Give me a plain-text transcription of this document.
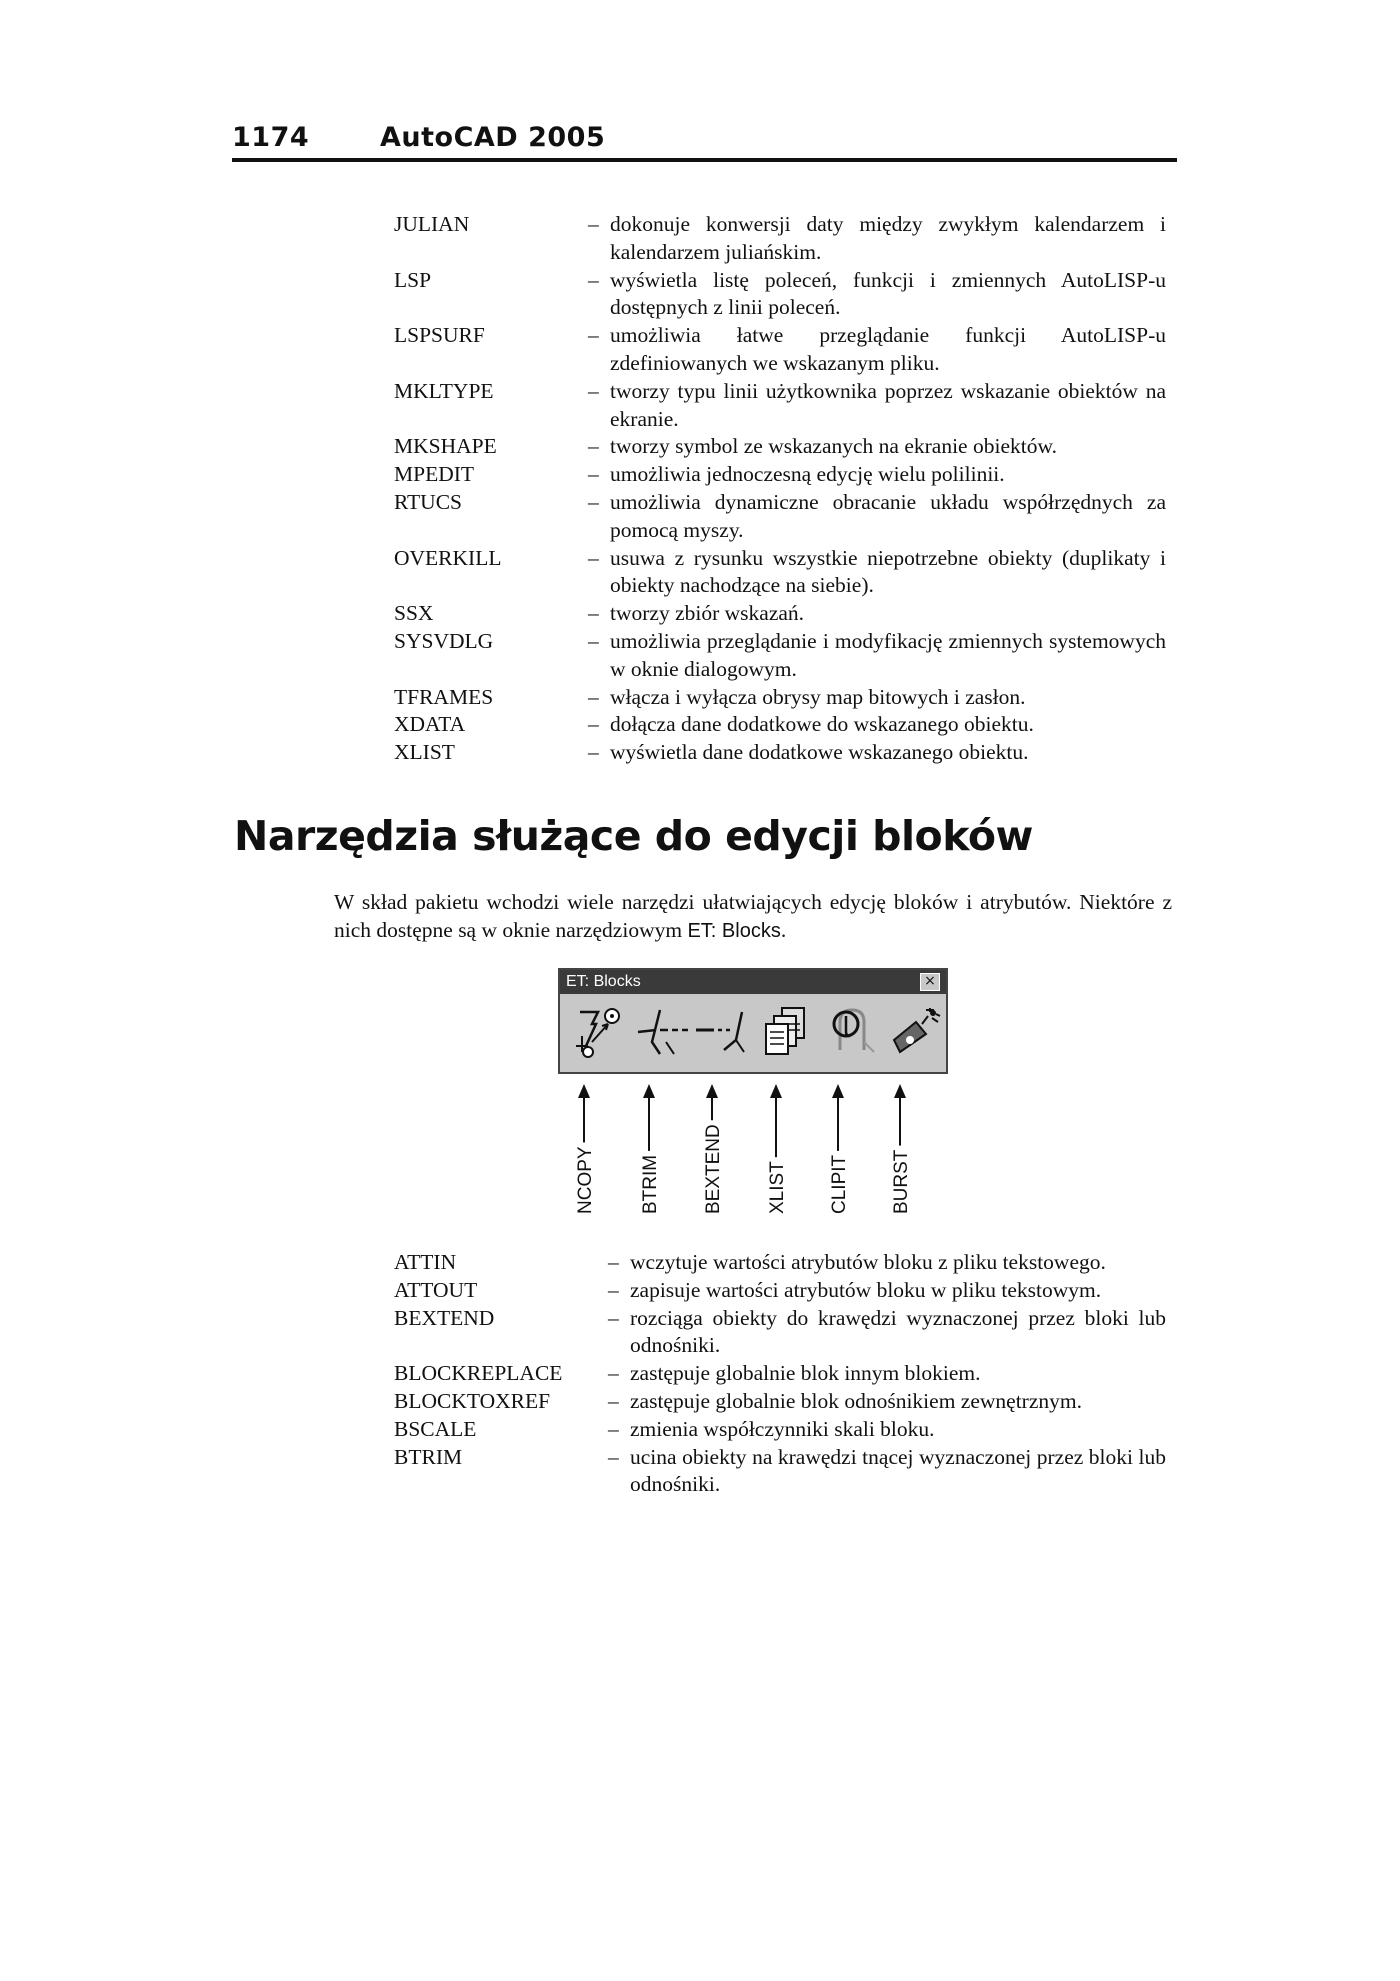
1174	AutoCAD 2005
JULIAN	– dokonuje konwersji daty między zwykłym kalendarzem i kalendarzem juliańskim.
LSP	– wyświetla listę poleceń, funkcji i zmiennych AutoLISP-u dostępnych z linii poleceń.
LSPSURF	– umożliwia łatwe przeglądanie funkcji AutoLISP-u zdefiniowanych we wskazanym pliku.
MKLTYPE	– tworzy typu linii użytkownika poprzez wskazanie obiektów na ekranie.
MKSHAPE	– tworzy symbol ze wskazanych na ekranie obiektów.
MPEDIT	– umożliwia jednoczesną edycję wielu polilinii.
RTUCS	– umożliwia dynamiczne obracanie układu współrzędnych za pomocą myszy.
OVERKILL	– usuwa z rysunku wszystkie niepotrzebne obiekty (duplikaty i obiekty nachodzące na siebie).
SSX	– tworzy zbiór wskazań.
SYSVDLG	– umożliwia przeglądanie i modyfikację zmiennych systemowych w oknie dialogowym.
TFRAMES	– włącza i wyłącza obrysy map bitowych i zasłon.
XDATA	– dołącza dane dodatkowe do wskazanego obiektu.
XLIST	– wyświetla dane dodatkowe wskazanego obiektu.
Narzędzia służące do edycji bloków
W skład pakietu wchodzi wiele narzędzi ułatwiających edycję bloków i atrybutów. Niektóre z nich dostępne są w oknie narzędziowym ET: Blocks.
ET: Blocks	×
NCOPY BTRIM BEXTEND XLIST CLIPIT BURST
ATTIN	– wczytuje wartości atrybutów bloku z pliku tekstowego.
ATTOUT	– zapisuje wartości atrybutów bloku w pliku tekstowym.
BEXTEND	– rozciąga obiekty do krawędzi wyznaczonej przez bloki lub odnośniki.
BLOCKREPLACE – zastępuje globalnie blok innym blokiem.
BLOCKTOXREF	– zastępuje globalnie blok odnośnikiem zewnętrznym.
BSCALE	– zmienia współczynniki skali bloku.
BTRIM	– ucina obiekty na krawędzi tnącej wyznaczonej przez bloki lub odnośniki.
